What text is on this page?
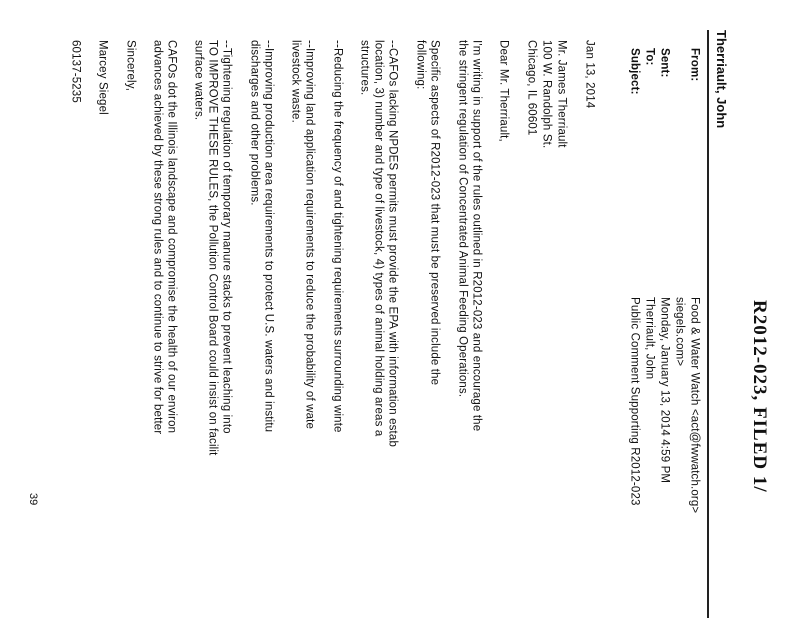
R2012-023, FILED 1/
Therriault, John
From:
Food & Water Watch <act@fwwatch.org>
siegels.com>
Sent:
Monday, January 13, 2014 4:59 PM
To:
Therriault, John
Subject:
Public Comment Supporting R2012-023
Jan 13, 2014
Mr. James Therriault
100 W. Randolph St.
Chicago, IL 60601
Dear Mr. Therriault,
I'm writing in support of the rules outlined in R2012-023 and encourage the
the stringent regulation of Concentrated Animal Feeding Operations.
Specific aspects of R2012-023 that must be preserved include the
following:
--CAFOs lacking NPDES permits must provide the EPA with information estab
location, 3) number and type of livestock, 4) types of animal holding areas a
structures.
--Reducing the frequency of and tightening requirements surrounding winte
--Improving land application requirements to reduce the probability of wate
livestock waste.
--Improving production area requirements to protect U.S. waters and institu
discharges and other problems.
--Tightening regulation of temporary manure stacks to prevent leaching into
TO IMPROVE THESE RULES, the Pollution Control Board could insist on facilit
surface waters.
CAFOs dot the Illinois landscape and compromise the health of our environ
advances achieved by these strong rules and to continue to strive for better
Sincerely,
Marcey Siegel
60137-5235
39
